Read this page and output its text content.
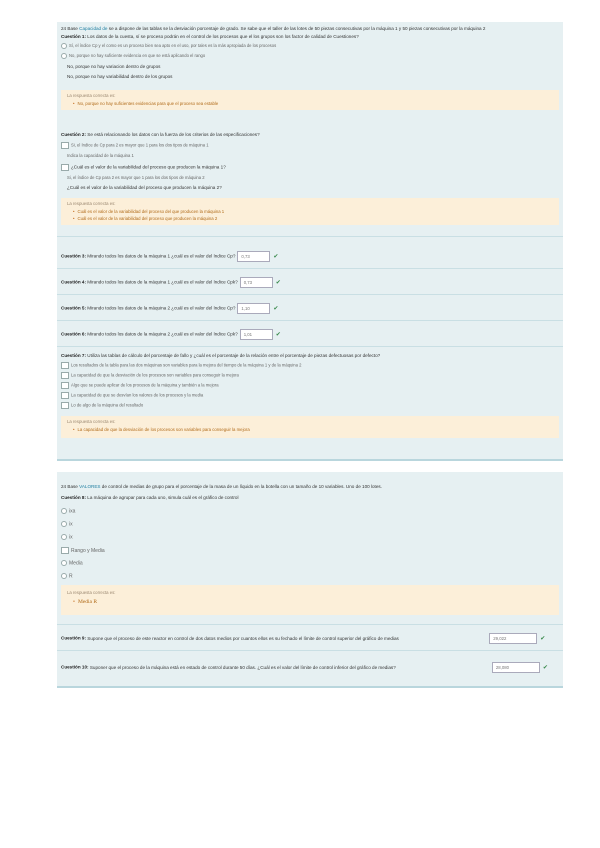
24 Base Capacidad de se a dispone de las tablas se la desviación porcentaje de grado. Se sabe que el taller de las lotes de 50 piezas consecutivas por la máquina 1 y 50 piezas consecutivas por la máquina 2
Cuestión 1: Los datos de la cuesta, sí se proceso podrán en el control de los procesos que el los grupos son los factor de calidad de Cuestiones?
Sí, el índice Cp y el como es un proceso bien sea apto en el uso, por tales es la más apropiada de los procesos
No, porque no hay suficiente evidencia en que se está aplicando el rango
No, porque no hay variacion dentro de grupos
No, porque no hay variabilidad dentro de los grupos
La respuesta correcta es:
• No, porque no hay suficientes evidencias para que el proceso sea estable
Cuestión 2: Se está relacionando los datos con la fuerza de los criterios de las especificaciones?
Si, el índice de Cp para 2 es mayor que 1 para los dos tipos de máquina 1
Indica la capacidad de la máquina 1
¿Cuál es el valor de la variabilidad del proceso que producen la máquina 1?
Si, el índice de Cp para 2 es mayor que 1 para los dos tipos de máquina 2
¿Cuál es el valor de la variabilidad del proceso que producen la máquina 2?
La respuesta correcta es:
• Cuál es el valor de la variabilidad del proceso del que producen la máquina 1
• Cuál es el valor de la variabilidad del proceso que producen la máquina 2
Cuestión 3: Mirando todos los datos de la máquina 1 ¿cuál es el valor del índice Cp? 0,73	✔
Cuestión 4: Mirando todos los datos de la máquina 1 ¿cuál es el valor del índice Cpk? 0,73	✔
Cuestión 5: Mirando todos los datos de la máquina 2 ¿cuál es el valor del índice Cp? 1,10	✔
Cuestión 6: Mirando todos los datos de la máquina 2 ¿cuál es el valor del índice Cpk? 1,01	✔
Cuestión 7: Utiliza las tablas de cálculo del porcentaje de fallo y ¿cuál es el porcentaje de la relación entre el porcentaje de piezas defectuosas por defecto?
Los resultados de la tabla para las dos máquinas son variables para la mejora del tiempo de la máquina 1 y de la máquina 2
La capacidad de que la desviación de los procesos son variables para conseguir la mejora
Algo que se puede aplicar de los procesos de la máquina y también a la mejora
La capacidad de que se desvían los valores de los procesos y la media
Lo de algo de la máquina del resultado
La respuesta correcta es:
• La capacidad de que la desviación de los procesos son variables para conseguir la mejora
24 Base VALORES de control de medias de grupo para el porcentaje de la masa de un líquido en la botella con un tamaño de 10 variables. Uno de 100 lotes.
Cuestión 8: La máquina de agrupar para cada uno, simula cuál es el gráfico de control
ixa
ix
ix
Rango y Media
Media
R
La respuesta correcta es:
• Media R
Cuestión 9: Supone que el proceso de este reactor en control de dos datos medios por cuantos ellos es su fechado el límite de control superior del gráfico de medias	29,022	✔
Cuestión 10: Suponer que el proceso de la máquina está en estado de control durante 50 días. ¿Cuál es el valor del límite de control inferior del gráfico de medias?	28,080	✔
